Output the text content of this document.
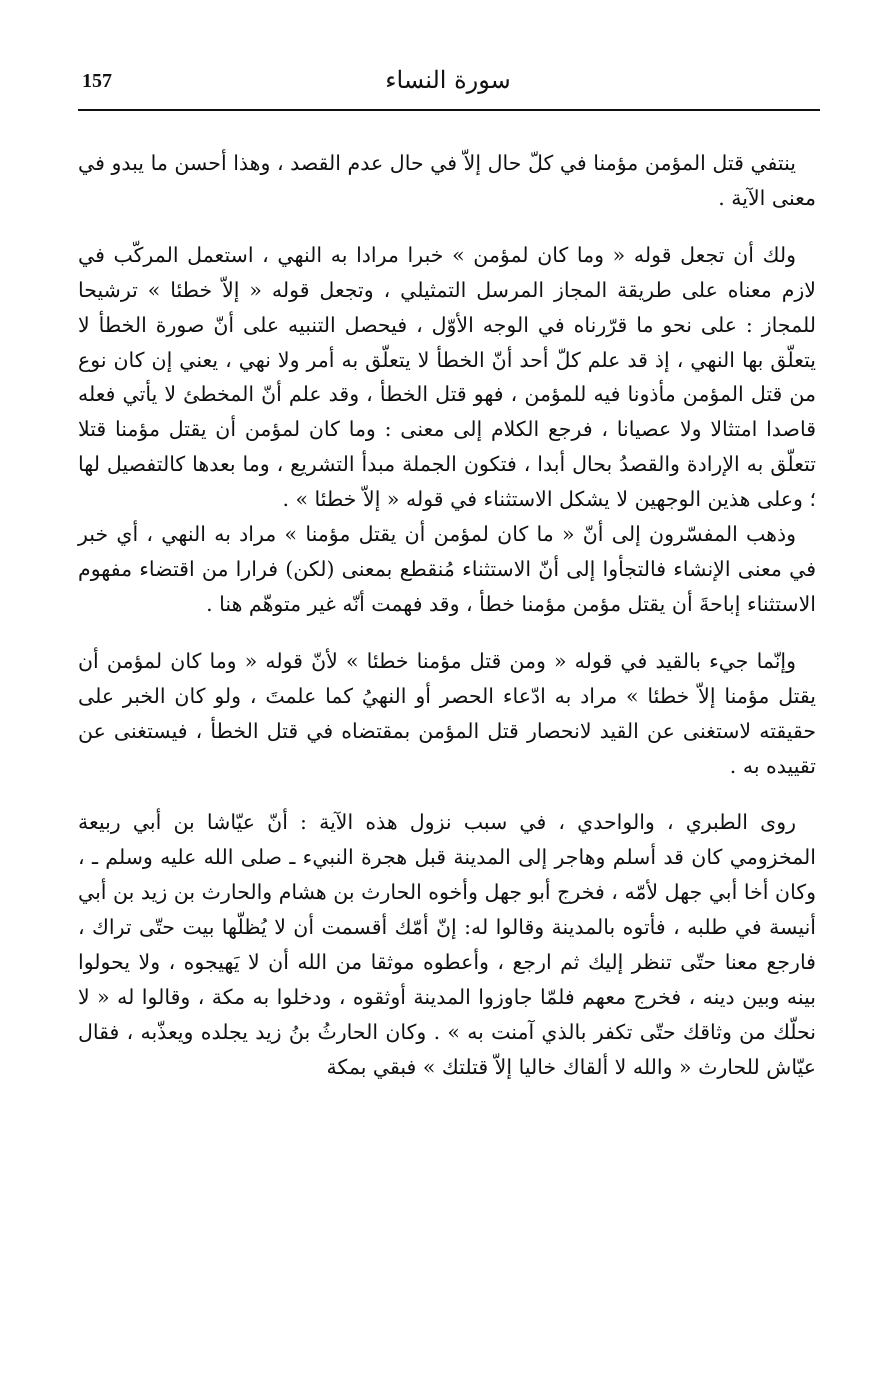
157	سورة النساء

ينتفي قتل المؤمن مؤمنا في كلّ حال إلاّ في حال عدم القصد ، وهذا أحسن ما يبدو في معنى الآية .

ولك أن تجعل قوله « وما كان لمؤمن » خبرا مرادا به النهي ، استعمل المركّب في لازم معناه على طريقة المجاز المرسل التمثيلي ، وتجعل قوله « إلاّ خطئا » ترشيحا للمجاز : على نحو ما قرّرناه في الوجه الأوّل ، فيحصل التنبيه على أنّ صورة الخطأ لا يتعلّق بها النهي ، إذ قد علم كلّ أحد أنّ الخطأ لا يتعلّق به أمر ولا نهي ، يعني إن كان نوع من قتل المؤمن مأذونا فيه للمؤمن ، فهو قتل الخطأ ، وقد علم أنّ المخطئ لا يأتي فعله قاصدا امتثالا ولا عصيانا ، فرجع الكلام إلى معنى : وما كان لمؤمن أن يقتل مؤمنا قتلا تتعلّق به الإرادة والقصدُ بحال أبدا ، فتكون الجملة مبدأ التشريع ، وما بعدها كالتفصيل لها ؛ وعلى هذين الوجهين لا يشكل الاستثناء في قوله « إلاّ خطئا » .

وذهب المفسّرون إلى أنّ « ما كان لمؤمن أن يقتل مؤمنا » مراد به النهي ، أي خبر في معنى الإنشاء فالتجأوا إلى أنّ الاستثناء مُنقطع بمعنى (لكن) فرارا من اقتضاء مفهوم الاستثناء إباحةَ أن يقتل مؤمن مؤمنا خطأ ، وقد فهمت أنّه غير متوهّم هنا .

وإنّما جيء بالقيد في قوله « ومن قتل مؤمنا خطئا » لأنّ قوله « وما كان لمؤمن أن يقتل مؤمنا إلاّ خطئا » مراد به ادّعاء الحصر أو النهيُ كما علمتَ ، ولو كان الخبر على حقيقته لاستغنى عن القيد لانحصار قتل المؤمن بمقتضاه في قتل الخطأ ، فيستغنى عن تقييده به .

روى الطبري ، والواحدي ، في سبب نزول هذه الآية : أنّ عيّاشا بن أبي ربيعة المخزومي كان قد أسلم وهاجر إلى المدينة قبل هجرة النبيء ـ صلى الله عليه وسلم ـ ، وكان أخا أبي جهل لأمّه ، فخرج أبو جهل وأخوه الحارث بن هشام والحارث بن زيد بن أبي أنيسة في طلبه ، فأتوه بالمدينة وقالوا له: إنّ أمّك أقسمت أن لا يُظلّها بيت حتّى تراك ، فارجع معنا حتّى تنظر إليك ثم ارجع ، وأعطوه موثقا من الله أن لا يَهيجوه ، ولا يحولوا بينه وبين دينه ، فخرج معهم فلمّا جاوزوا المدينة أوثقوه ، ودخلوا به مكة ، وقالوا له « لا نحلّك من وثاقك حتّى تكفر بالذي آمنت به » . وكان الحارثُ بنُ زيد يجلده ويعذّبه ، فقال عيّاش للحارث « والله لا ألقاك خاليا إلاّ قتلتك » فبقي بمكة
